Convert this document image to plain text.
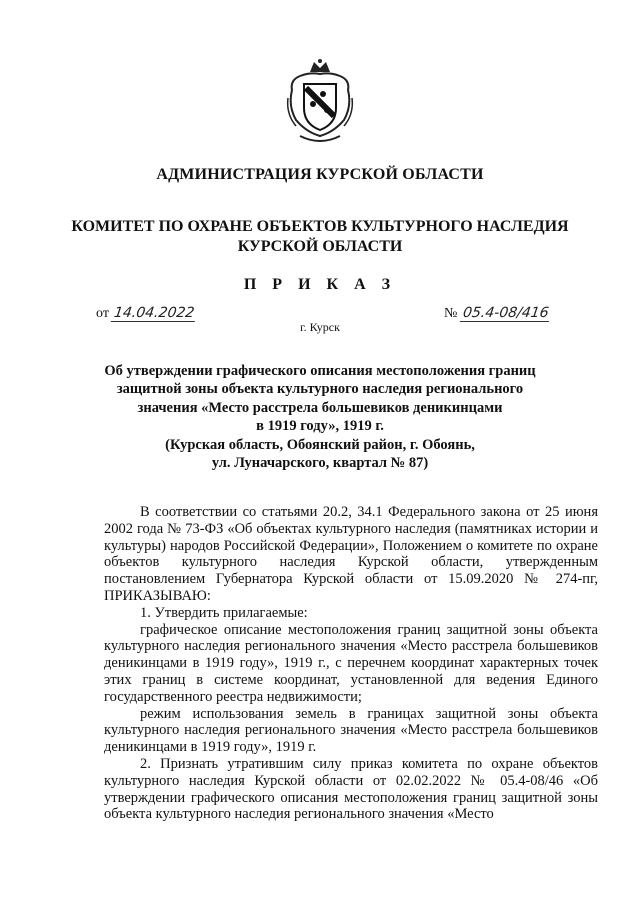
АДМИНИСТРАЦИЯ КУРСКОЙ ОБЛАСТИ
КОМИТЕТ ПО ОХРАНЕ ОБЪЕКТОВ КУЛЬТУРНОГО НАСЛЕДИЯ
КУРСКОЙ ОБЛАСТИ
П Р И К А З
от 14.04.2022	№ 05.4-08/416
г. Курск
Об утверждении графического описания местоположения границ
защитной зоны объекта культурного наследия регионального
значения «Место расстрела большевиков деникинцами
в 1919 году», 1919 г.
(Курская область, Обоянский район, г. Обоянь,
ул. Луначарского, квартал № 87)

В соответствии со статьями 20.2, 34.1 Федерального закона от 25 июня 2002 года № 73-ФЗ «Об объектах культурного наследия (памятниках истории и культуры) народов Российской Федерации», Положением о комитете по охране объектов культурного наследия Курской области, утвержденным постановлением Губернатора Курской области от 15.09.2020 № 274-пг, ПРИКАЗЫВАЮ:

1. Утвердить прилагаемые:

графическое описание местоположения границ защитной зоны объекта культурного наследия регионального значения «Место расстрела большевиков деникинцами в 1919 году», 1919 г., с перечнем координат характерных точек этих границ в системе координат, установленной для ведения Единого государственного реестра недвижимости;

режим использования земель в границах защитной зоны объекта культурного наследия регионального значения «Место расстрела большевиков деникинцами в 1919 году», 1919 г.

2. Признать утратившим силу приказ комитета по охране объектов культурного наследия Курской области от 02.02.2022 № 05.4-08/46 «Об утверждении графического описания местоположения границ защитной зоны объекта культурного наследия регионального значения «Место
